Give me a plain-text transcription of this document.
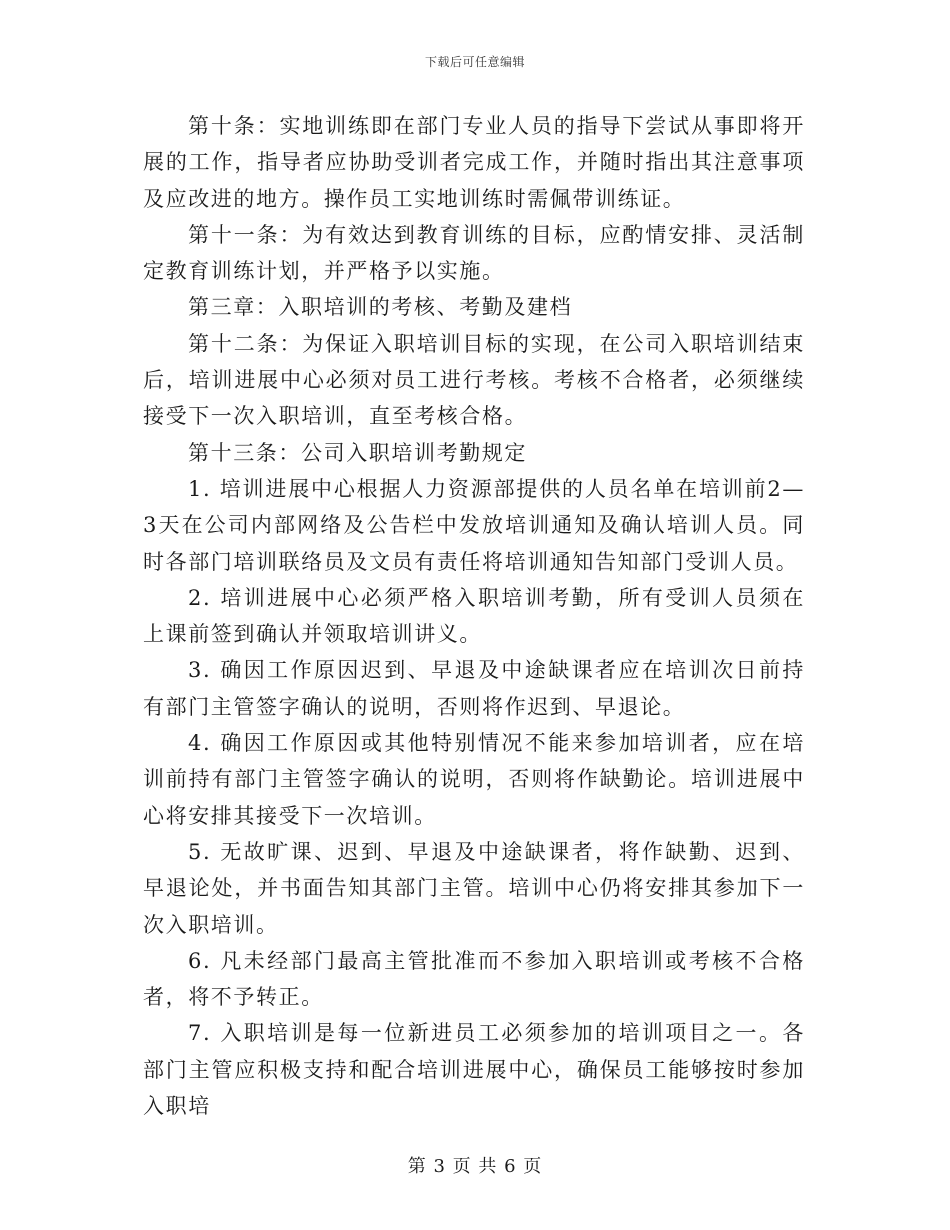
下载后可任意编辑

第十条：实地训练即在部门专业人员的指导下尝试从事即将开展的工作，指导者应协助受训者完成工作，并随时指出其注意事项及应改进的地方。操作员工实地训练时需佩带训练证。

第十一条：为有效达到教育训练的目标，应酌情安排、灵活制定教育训练计划，并严格予以实施。

第三章：入职培训的考核、考勤及建档

第十二条：为保证入职培训目标的实现，在公司入职培训结束后，培训进展中心必须对员工进行考核。考核不合格者，必须继续接受下一次入职培训，直至考核合格。

第十三条：公司入职培训考勤规定

1. 培训进展中心根据人力资源部提供的人员名单在培训前2—3天在公司内部网络及公告栏中发放培训通知及确认培训人员。同时各部门培训联络员及文员有责任将培训通知告知部门受训人员。

2. 培训进展中心必须严格入职培训考勤，所有受训人员须在上课前签到确认并领取培训讲义。

3. 确因工作原因迟到、早退及中途缺课者应在培训次日前持有部门主管签字确认的说明，否则将作迟到、早退论。

4. 确因工作原因或其他特别情况不能来参加培训者，应在培训前持有部门主管签字确认的说明，否则将作缺勤论。培训进展中心将安排其接受下一次培训。

5. 无故旷课、迟到、早退及中途缺课者，将作缺勤、迟到、早退论处，并书面告知其部门主管。培训中心仍将安排其参加下一次入职培训。

6. 凡未经部门最高主管批准而不参加入职培训或考核不合格者，将不予转正。

7. 入职培训是每一位新进员工必须参加的培训项目之一。各部门主管应积极支持和配合培训进展中心，确保员工能够按时参加入职培

第 3 页 共 6 页
